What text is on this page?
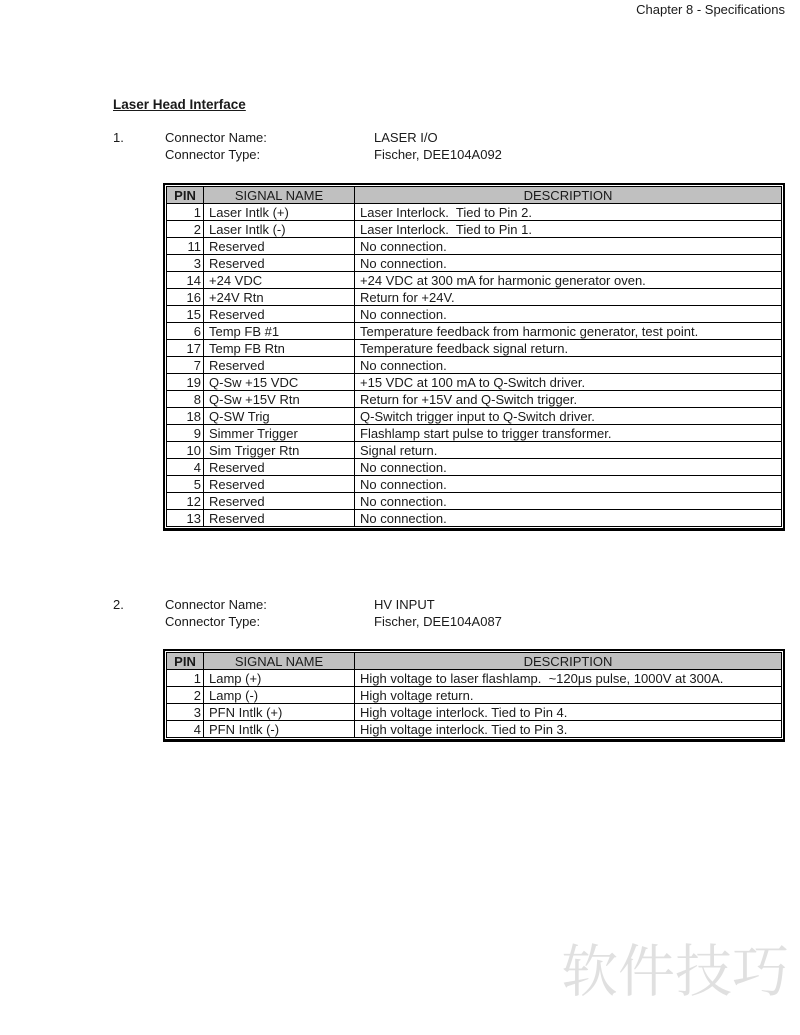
Chapter 8 - Specifications
Laser Head Interface
1.	Connector Name:	LASER I/O
Connector Type:	Fischer, DEE104A092
PIN	SIGNAL NAME	DESCRIPTION
1	Laser Intlk (+)	Laser Interlock.  Tied to Pin 2.
2	Laser Intlk (-)	Laser Interlock.  Tied to Pin 1.
11	Reserved	No connection.
3	Reserved	No connection.
14	+24 VDC	+24 VDC at 300 mA for harmonic generator oven.
16	+24V Rtn	Return for +24V.
15	Reserved	No connection.
6	Temp FB #1	Temperature feedback from harmonic generator, test point.
17	Temp FB Rtn	Temperature feedback signal return.
7	Reserved	No connection.
19	Q-Sw +15 VDC	+15 VDC at 100 mA to Q-Switch driver.
8	Q-Sw +15V Rtn	Return for +15V and Q-Switch trigger.
18	Q-SW Trig	Q-Switch trigger input to Q-Switch driver.
9	Simmer Trigger	Flashlamp start pulse to trigger transformer.
10	Sim Trigger Rtn	Signal return.
4	Reserved	No connection.
5	Reserved	No connection.
12	Reserved	No connection.
13	Reserved	No connection.
2.	Connector Name:	HV INPUT
Connector Type:	Fischer, DEE104A087
PIN	SIGNAL NAME	DESCRIPTION
1	Lamp (+)	High voltage to laser flashlamp.  ~120μs pulse, 1000V at 300A.
2	Lamp (-)	High voltage return.
3	PFN Intlk (+)	High voltage interlock. Tied to Pin 4.
4	PFN Intlk (-)	High voltage interlock. Tied to Pin 3.
软件技巧
